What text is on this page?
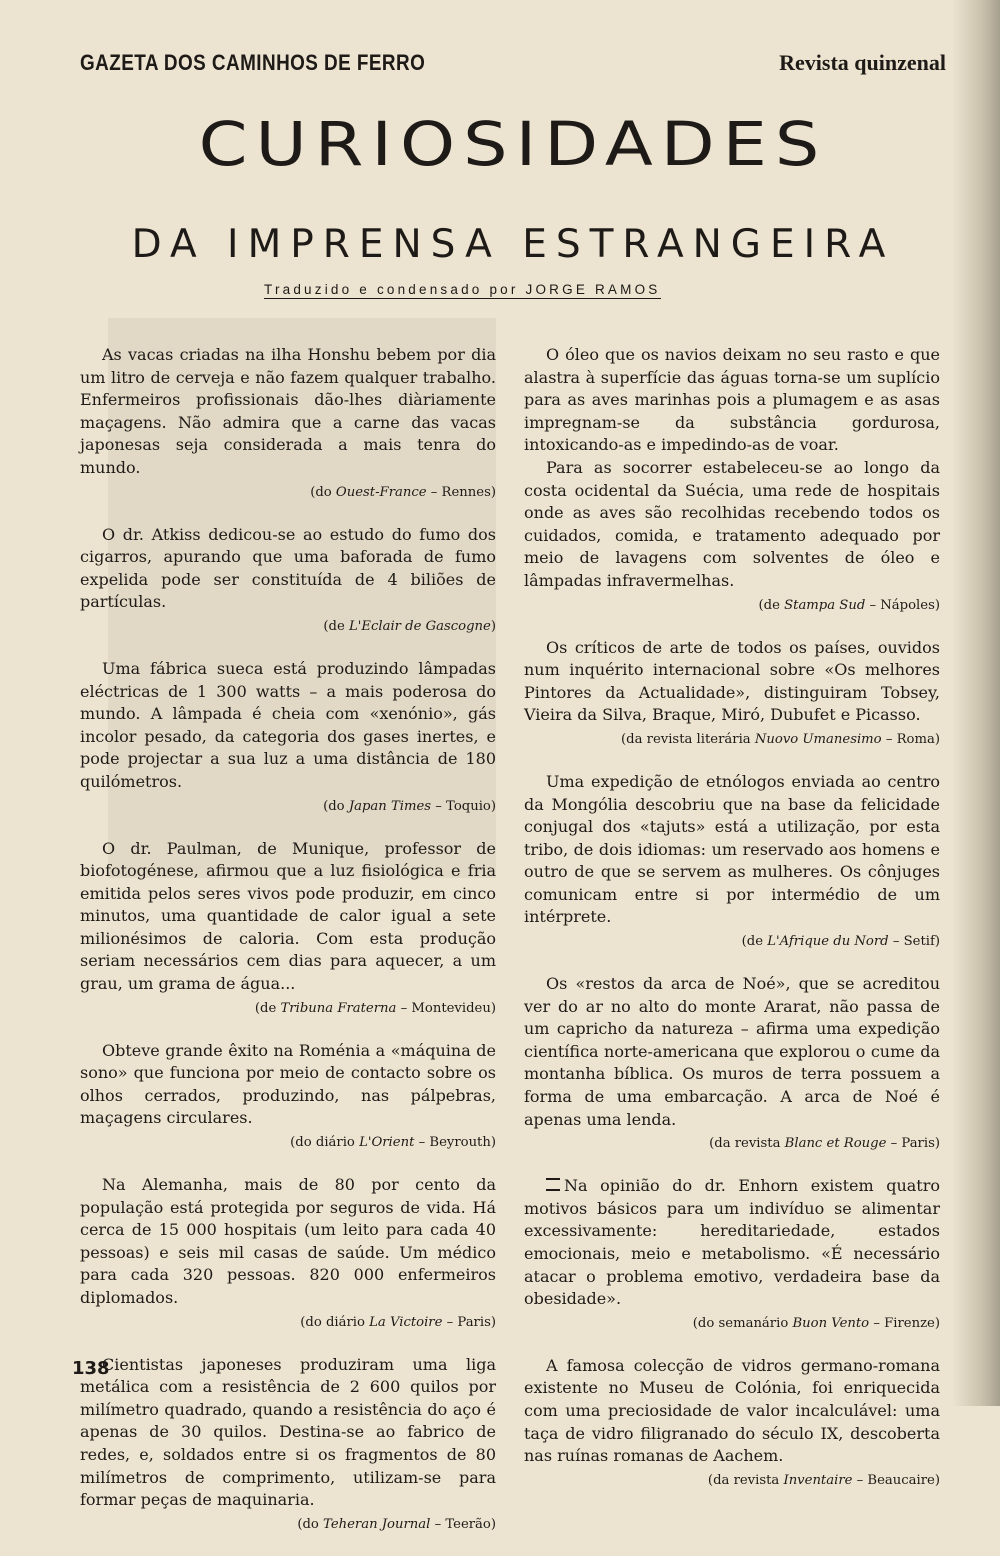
GAZETA DOS CAMINHOS DE FERRO	Revista quinzenal
CURIOSIDADES
DA IMPRENSA ESTRANGEIRA
Traduzido e condensado por JORGE RAMOS

As vacas criadas na ilha Honshu bebem por dia um litro de cerveja e não fazem qualquer trabalho. Enfermeiros profissionais dão-lhes diàriamente maçagens. Não admira que a carne das vacas japonesas seja considerada a mais tenra do mundo.

(do Ouest-France – Rennes)

O dr. Atkiss dedicou-se ao estudo do fumo dos cigarros, apurando que uma baforada de fumo expelida pode ser constituída de 4 biliões de partículas.

(de L'Eclair de Gascogne)

Uma fábrica sueca está produzindo lâmpadas eléctricas de 1 300 watts – a mais poderosa do mundo. A lâmpada é cheia com «xenónio», gás incolor pesado, da categoria dos gases inertes, e pode projectar a sua luz a uma distância de 180 quilómetros.

(do Japan Times – Toquio)

O dr. Paulman, de Munique, professor de biofotogénese, afirmou que a luz fisiológica e fria emitida pelos seres vivos pode produzir, em cinco minutos, uma quantidade de calor igual a sete milionésimos de caloria. Com esta produção seriam necessários cem dias para aquecer, a um grau, um grama de água...

(de Tribuna Fraterna – Montevideu)

Obteve grande êxito na Roménia a «máquina de sono» que funciona por meio de contacto sobre os olhos cerrados, produzindo, nas pálpebras, maçagens circulares.

(do diário L'Orient – Beyrouth)

Na Alemanha, mais de 80 por cento da população está protegida por seguros de vida. Há cerca de 15 000 hospitais (um leito para cada 40 pessoas) e seis mil casas de saúde. Um médico para cada 320 pessoas. 820 000 enfermeiros diplomados.

(do diário La Victoire – Paris)

Cientistas japoneses produziram uma liga metálica com a resistência de 2 600 quilos por milímetro quadrado, quando a resistência do aço é apenas de 30 quilos. Destina-se ao fabrico de redes, e, soldados entre si os fragmentos de 80 milímetros de comprimento, utilizam-se para formar peças de maquinaria.

(do Teheran Journal – Teerão)

O óleo que os navios deixam no seu rasto e que alastra à superfície das águas torna-se um suplício para as aves marinhas pois a plumagem e as asas impregnam-se da substância gordurosa, intoxicando-as e impedindo-as de voar.

Para as socorrer estabeleceu-se ao longo da costa ocidental da Suécia, uma rede de hospitais onde as aves são recolhidas recebendo todos os cuidados, comida, e tratamento adequado por meio de lavagens com solventes de óleo e lâmpadas infravermelhas.

(de Stampa Sud – Nápoles)

Os críticos de arte de todos os países, ouvidos num inquérito internacional sobre «Os melhores Pintores da Actualidade», distinguiram Tobsey, Vieira da Silva, Braque, Miró, Dubufet e Picasso.

(da revista literária Nuovo Umanesimo – Roma)

Uma expedição de etnólogos enviada ao centro da Mongólia descobriu que na base da felicidade conjugal dos «tajuts» está a utilização, por esta tribo, de dois idiomas: um reservado aos homens e outro de que se servem as mulheres. Os cônjuges comunicam entre si por intermédio de um intérprete.

(de L'Afrique du Nord – Setif)

Os «restos da arca de Noé», que se acreditou ver do ar no alto do monte Ararat, não passa de um capricho da natureza – afirma uma expedição científica norte-americana que explorou o cume da montanha bíblica. Os muros de terra possuem a forma de uma embarcação. A arca de Noé é apenas uma lenda.

(da revista Blanc et Rouge – Paris)

Na opinião do dr. Enhorn existem quatro motivos básicos para um indivíduo se alimentar excessivamente: hereditariedade, estados emocionais, meio e metabolismo. «É necessário atacar o problema emotivo, verdadeira base da obesidade».

(do semanário Buon Vento – Firenze)

A famosa colecção de vidros germano-romana existente no Museu de Colónia, foi enriquecida com uma preciosidade de valor incalculável: uma taça de vidro filigranado do século IX, descoberta nas ruínas romanas de Aachem.

(da revista Inventaire – Beaucaire)
138
